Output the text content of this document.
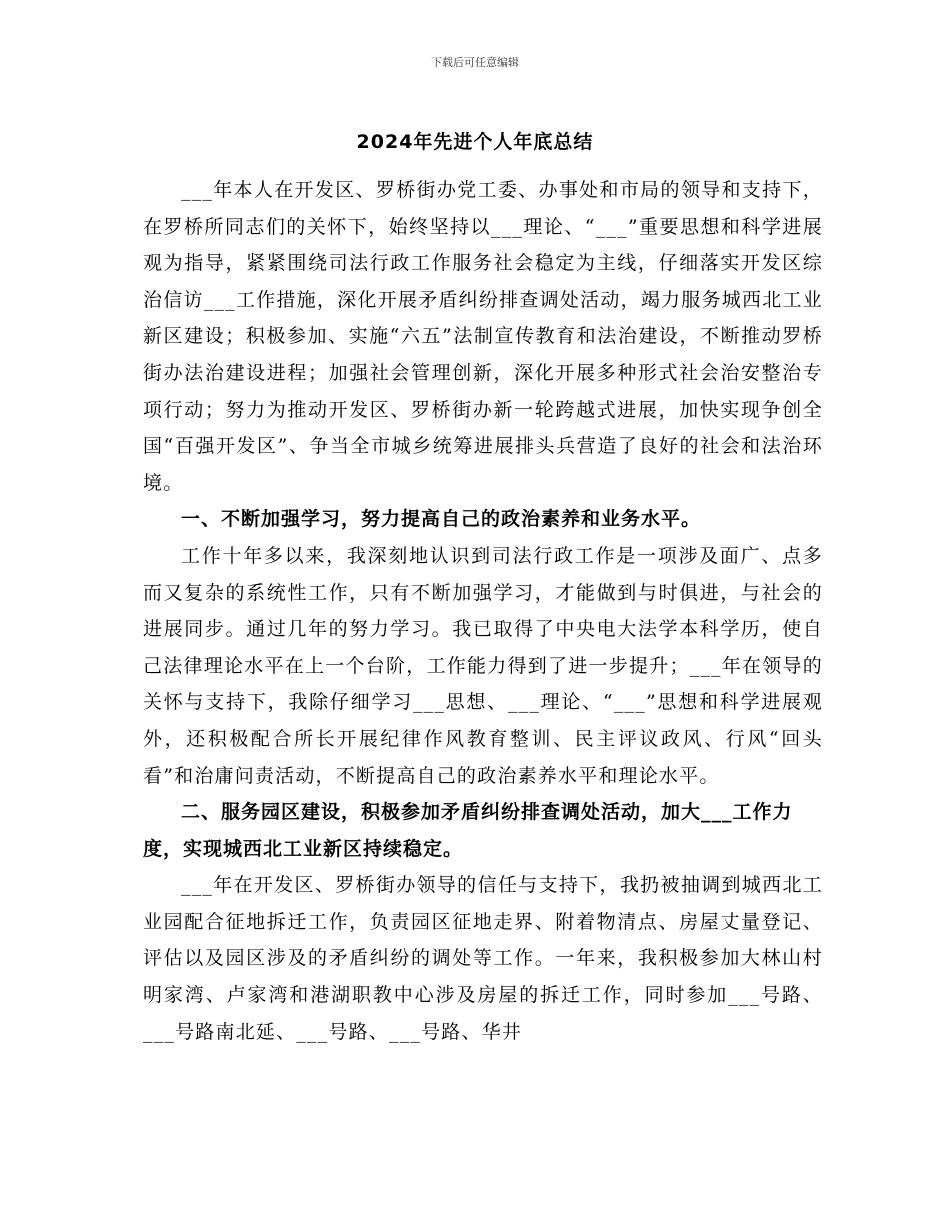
下载后可任意编辑
2024年先进个人年底总结

___年本人在开发区、罗桥街办党工委、办事处和市局的领导和支持下，在罗桥所同志们的关怀下，始终坚持以___理论、“___”重要思想和科学进展观为指导，紧紧围绕司法行政工作服务社会稳定为主线，仔细落实开发区综治信访___工作措施，深化开展矛盾纠纷排查调处活动，竭力服务城西北工业新区建设；积极参加、实施“六五”法制宣传教育和法治建设，不断推动罗桥街办法治建设进程；加强社会管理创新，深化开展多种形式社会治安整治专项行动；努力为推动开发区、罗桥街办新一轮跨越式进展，加快实现争创全国“百强开发区”、争当全市城乡统筹进展排头兵营造了良好的社会和法治环境。

一、不断加强学习，努力提高自己的政治素养和业务水平。

工作十年多以来，我深刻地认识到司法行政工作是一项涉及面广、点多而又复杂的系统性工作，只有不断加强学习，才能做到与时俱进，与社会的进展同步。通过几年的努力学习。我已取得了中央电大法学本科学历，使自己法律理论水平在上一个台阶，工作能力得到了进一步提升；___年在领导的关怀与支持下，我除仔细学习___思想、___理论、“___”思想和科学进展观外，还积极配合所长开展纪律作风教育整训、民主评议政风、行风“回头看”和治庸问责活动，不断提高自己的政治素养水平和理论水平。

二、服务园区建设，积极参加矛盾纠纷排查调处活动，加大___工作力度，实现城西北工业新区持续稳定。

___年在开发区、罗桥街办领导的信任与支持下，我扔被抽调到城西北工业园配合征地拆迁工作，负责园区征地走界、附着物清点、房屋丈量登记、评估以及园区涉及的矛盾纠纷的调处等工作。一年来，我积极参加大林山村明家湾、卢家湾和港湖职教中心涉及房屋的拆迁工作，同时参加___号路、___号路南北延、___号路、___号路、华井
